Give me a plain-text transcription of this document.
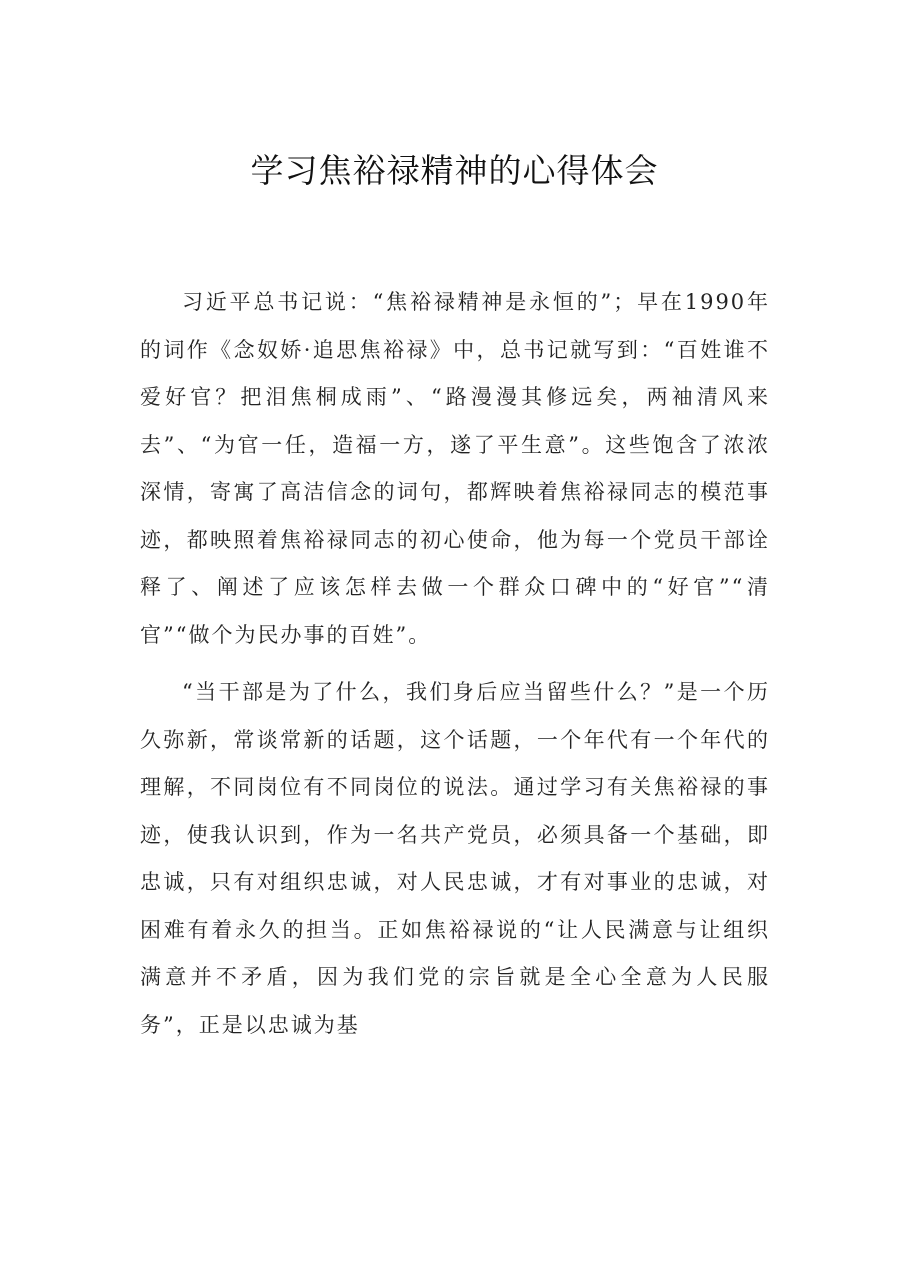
学习焦裕禄精神的心得体会

习近平总书记说：“焦裕禄精神是永恒的”；早在1990年的词作《念奴娇·追思焦裕禄》中，总书记就写到：“百姓谁不爱好官？把泪焦桐成雨”、“路漫漫其修远矣，两袖清风来去”、“为官一任，造福一方，遂了平生意”。这些饱含了浓浓深情，寄寓了高洁信念的词句，都辉映着焦裕禄同志的模范事迹，都映照着焦裕禄同志的初心使命，他为每一个党员干部诠释了、阐述了应该怎样去做一个群众口碑中的“好官”“清官”“做个为民办事的百姓”。

“当干部是为了什么，我们身后应当留些什么？”是一个历久弥新，常谈常新的话题，这个话题，一个年代有一个年代的理解，不同岗位有不同岗位的说法。通过学习有关焦裕禄的事迹，使我认识到，作为一名共产党员，必须具备一个基础，即忠诚，只有对组织忠诚，对人民忠诚，才有对事业的忠诚，对困难有着永久的担当。正如焦裕禄说的“让人民满意与让组织满意并不矛盾，因为我们党的宗旨就是全心全意为人民服务”，正是以忠诚为基
